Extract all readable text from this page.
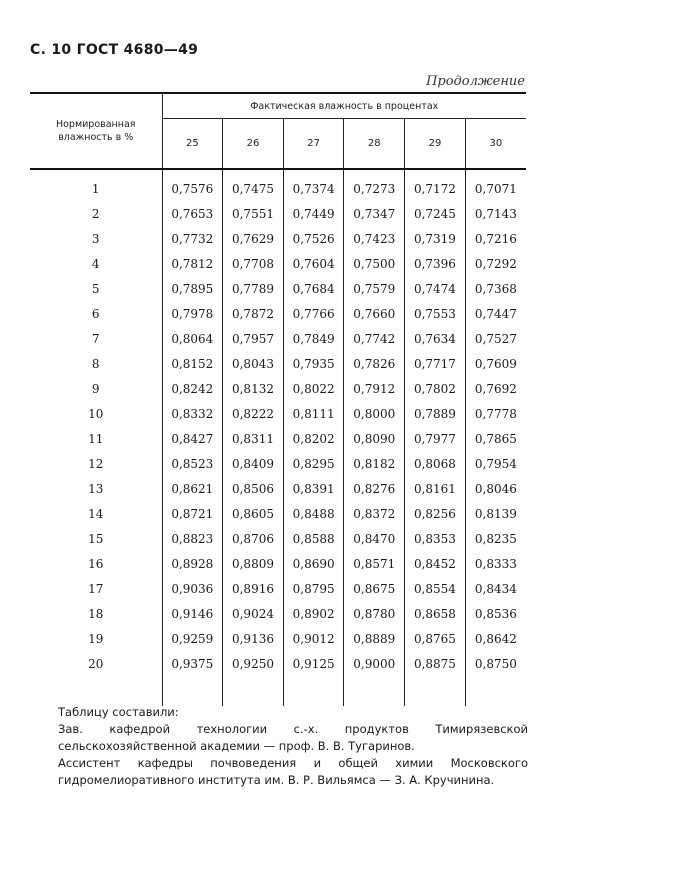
С. 10 ГОСТ 4680—49
Продолжение
Нормированная влажность в %	Фактическая влажность в процентах					
	25	26	27	28	29	30
1	0,7576	0,7475	0,7374	0,7273	0,7172	0,7071
2	0,7653	0,7551	0,7449	0,7347	0,7245	0,7143
3	0,7732	0,7629	0,7526	0,7423	0,7319	0,7216
4	0,7812	0,7708	0,7604	0,7500	0,7396	0,7292
5	0,7895	0,7789	0,7684	0,7579	0,7474	0,7368
6	0,7978	0,7872	0,7766	0,7660	0,7553	0,7447
7	0,8064	0,7957	0,7849	0,7742	0,7634	0,7527
8	0,8152	0,8043	0,7935	0,7826	0,7717	0,7609
9	0,8242	0,8132	0,8022	0,7912	0,7802	0,7692
10	0,8332	0,8222	0,8111	0,8000	0,7889	0,7778
11	0,8427	0,8311	0,8202	0,8090	0,7977	0,7865
12	0,8523	0,8409	0,8295	0,8182	0,8068	0,7954
13	0,8621	0,8506	0,8391	0,8276	0,8161	0,8046
14	0,8721	0,8605	0,8488	0,8372	0,8256	0,8139
15	0,8823	0,8706	0,8588	0,8470	0,8353	0,8235
16	0,8928	0,8809	0,8690	0,8571	0,8452	0,8333
17	0,9036	0,8916	0,8795	0,8675	0,8554	0,8434
18	0,9146	0,9024	0,8902	0,8780	0,8658	0,8536
19	0,9259	0,9136	0,9012	0,8889	0,8765	0,8642
20	0,9375	0,9250	0,9125	0,9000	0,8875	0,8750

Таблицу составили:

Зав. кафедрой технологии с.-х. продуктов Тимирязевской сельскохозяйственной академии — проф. В. В. Тугаринов.

Ассистент кафедры почвоведения и общей химии Московского гидромелиоративного института им. В. Р. Вильямса — З. А. Кручинина.
